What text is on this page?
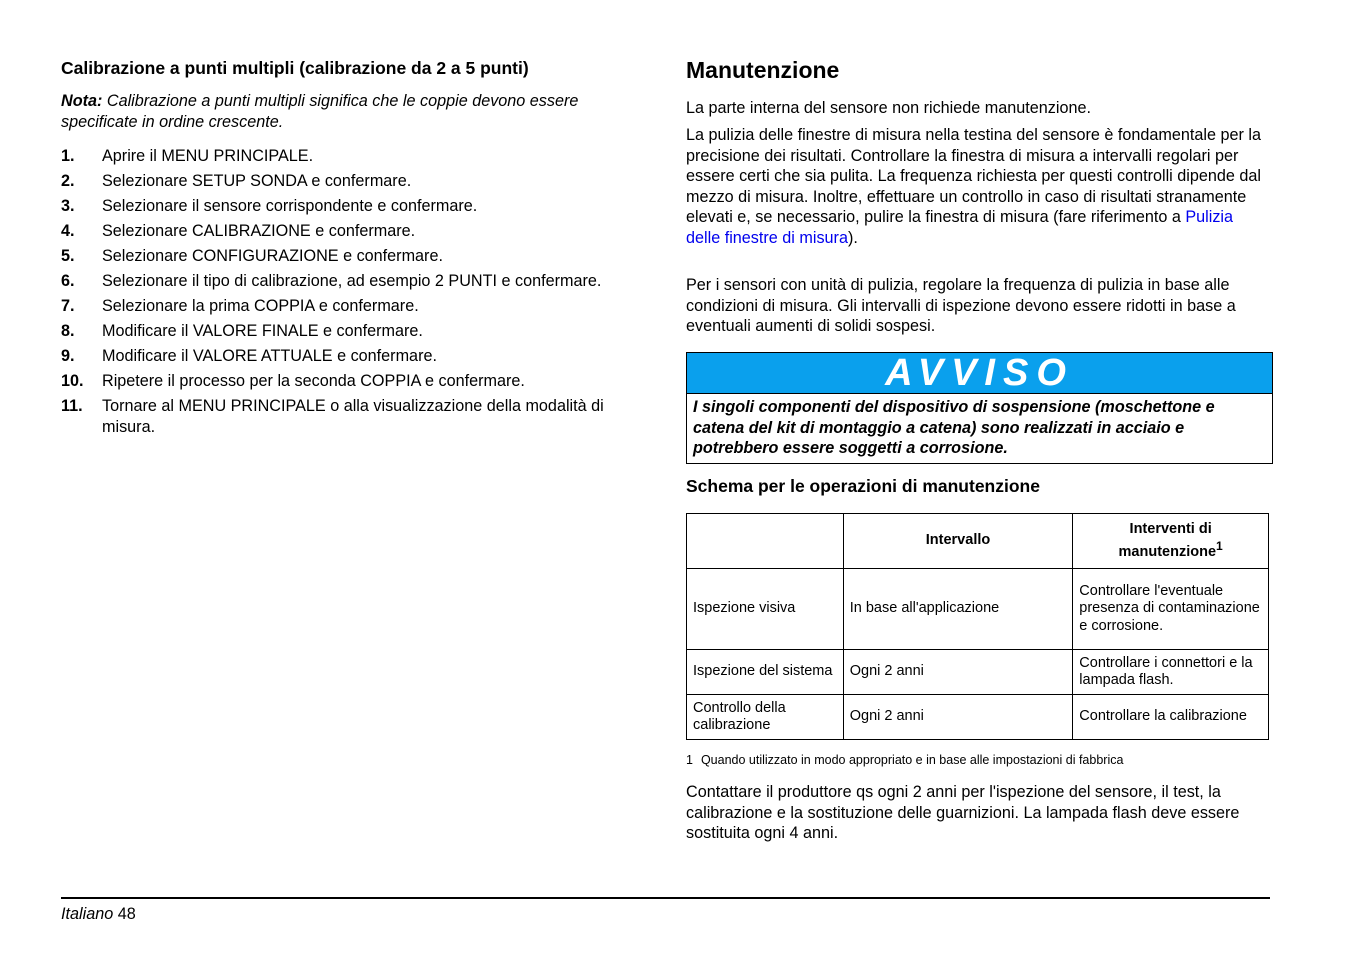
Calibrazione a punti multipli (calibrazione da 2 a 5 punti)
Nota: Calibrazione a punti multipli significa che le coppie devono essere specificate in ordine crescente.
1. Aprire il MENU PRINCIPALE.
2. Selezionare SETUP SONDA e confermare.
3. Selezionare il sensore corrispondente e confermare.
4. Selezionare CALIBRAZIONE e confermare.
5. Selezionare CONFIGURAZIONE e confermare.
6. Selezionare il tipo di calibrazione, ad esempio 2 PUNTI e confermare.
7. Selezionare la prima COPPIA e confermare.
8. Modificare il VALORE FINALE e confermare.
9. Modificare il VALORE ATTUALE e confermare.
10. Ripetere il processo per la seconda COPPIA e confermare.
11. Tornare al MENU PRINCIPALE o alla visualizzazione della modalità di misura.
Manutenzione
La parte interna del sensore non richiede manutenzione.
La pulizia delle finestre di misura nella testina del sensore è fondamentale per la precisione dei risultati. Controllare la finestra di misura a intervalli regolari per essere certi che sia pulita. La frequenza richiesta per questi controlli dipende dal mezzo di misura. Inoltre, effettuare un controllo in caso di risultati stranamente elevati e, se necessario, pulire la finestra di misura (fare riferimento a Pulizia delle finestre di misura).
Per i sensori con unità di pulizia, regolare la frequenza di pulizia in base alle condizioni di misura. Gli intervalli di ispezione devono essere ridotti in base a eventuali aumenti di solidi sospesi.
AVVISO
I singoli componenti del dispositivo di sospensione (moschettone e catena del kit di montaggio a catena) sono realizzati in acciaio e potrebbero essere soggetti a corrosione.
Schema per le operazioni di manutenzione
	Intervallo	Interventi di manutenzione$^1$
Ispezione visiva	In base all'applicazione	Controllare l'eventuale presenza di contaminazione e corrosione.
Ispezione del sistema	Ogni 2 anni	Controllare i connettori e la lampada flash.
Controllo della calibrazione	Ogni 2 anni	Controllare la calibrazione
1 Quando utilizzato in modo appropriato e in base alle impostazioni di fabbrica
Contattare il produttore qs ogni 2 anni per l'ispezione del sensore, il test, la calibrazione e la sostituzione delle guarnizioni. La lampada flash deve essere sostituita ogni 4 anni.
Italiano 48
